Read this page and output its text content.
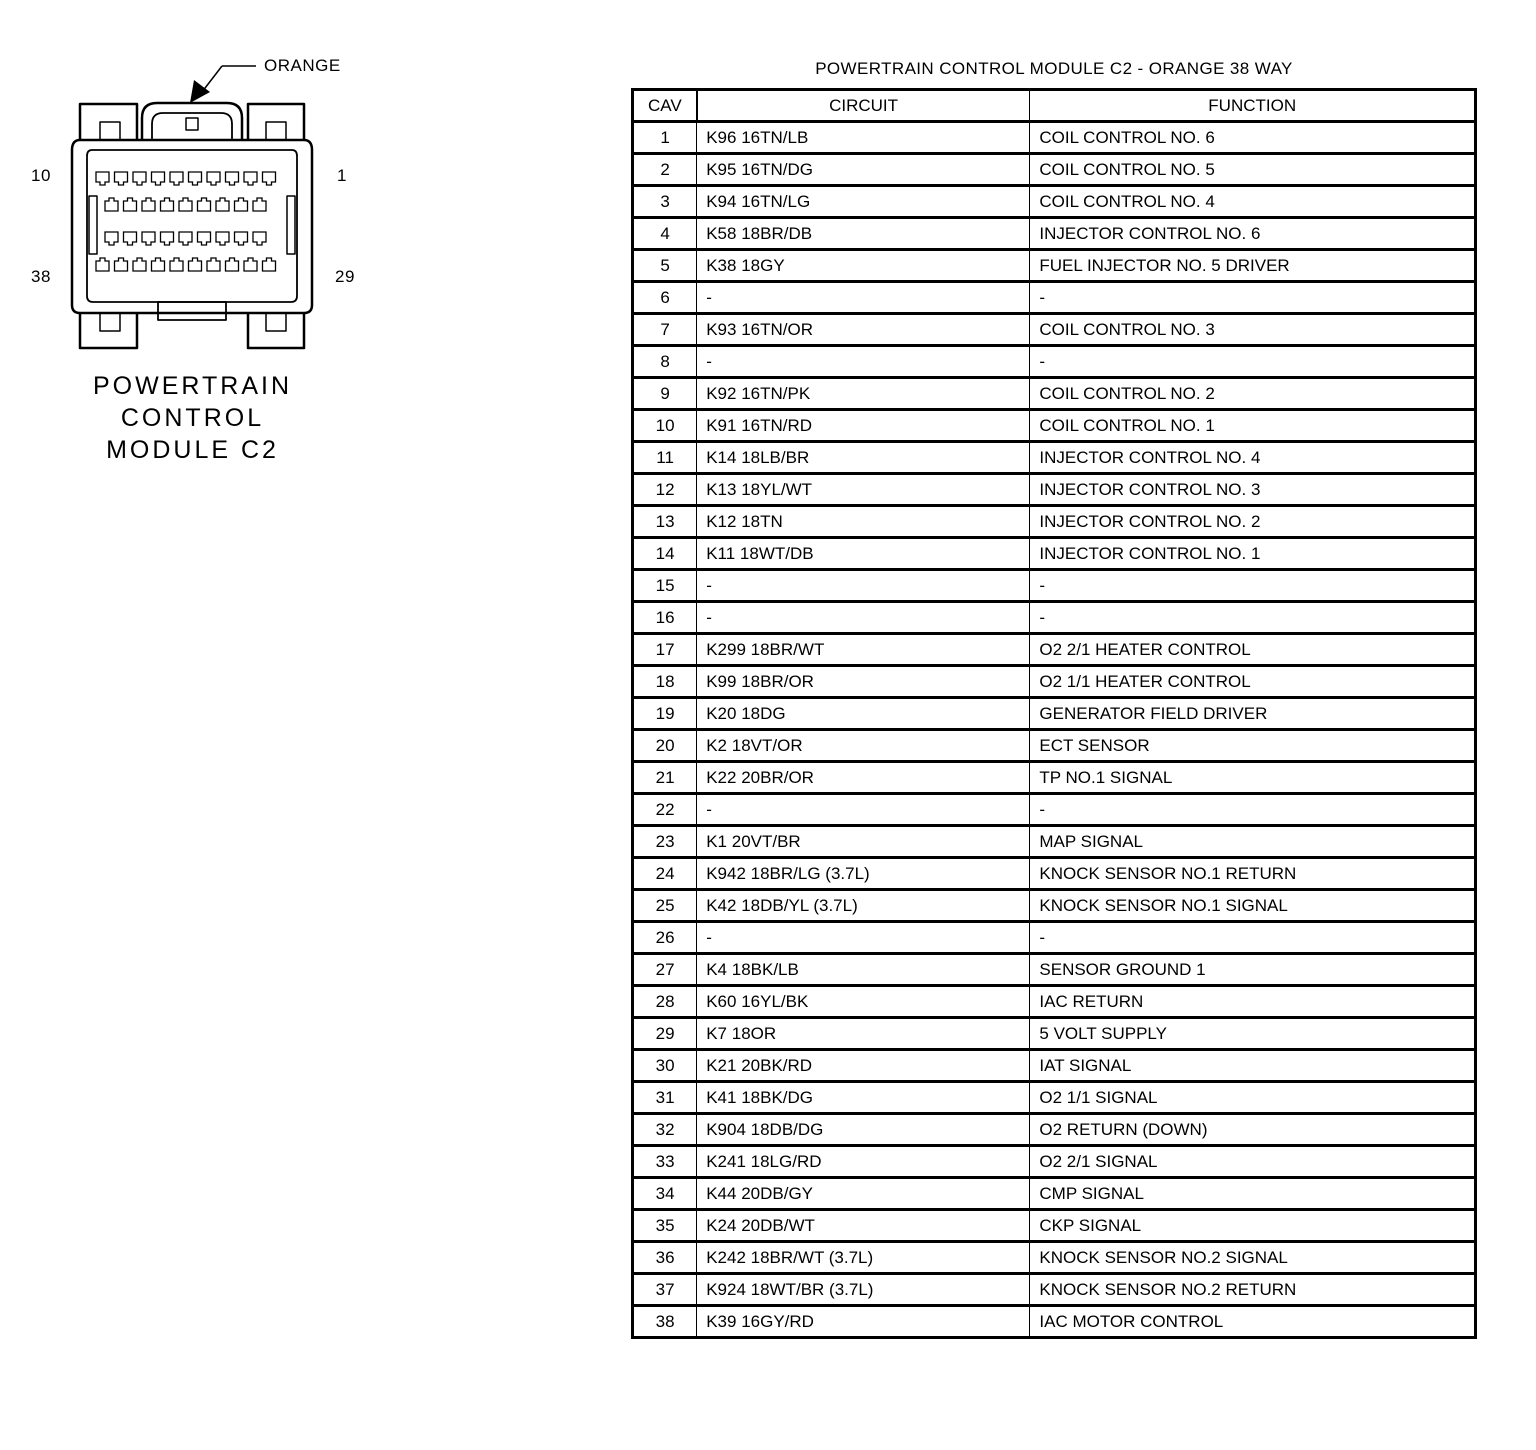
ORANGE
10	1
38	29
POWERTRAIN
CONTROL
MODULE C2
POWERTRAIN CONTROL MODULE C2 - ORANGE 38 WAY
CAV	CIRCUIT	FUNCTION
1	K96 16TN/LB	COIL CONTROL NO. 6
2	K95 16TN/DG	COIL CONTROL NO. 5
3	K94 16TN/LG	COIL CONTROL NO. 4
4	K58 18BR/DB	INJECTOR CONTROL NO. 6
5	K38 18GY	FUEL INJECTOR NO. 5 DRIVER
6	-	-
7	K93 16TN/OR	COIL CONTROL NO. 3
8	-	-
9	K92 16TN/PK	COIL CONTROL NO. 2
10	K91 16TN/RD	COIL CONTROL NO. 1
11	K14 18LB/BR	INJECTOR CONTROL NO. 4
12	K13 18YL/WT	INJECTOR CONTROL NO. 3
13	K12 18TN	INJECTOR CONTROL NO. 2
14	K11 18WT/DB	INJECTOR CONTROL NO. 1
15	-	-
16	-	-
17	K299 18BR/WT	O2 2/1 HEATER CONTROL
18	K99 18BR/OR	O2 1/1 HEATER CONTROL
19	K20 18DG	GENERATOR FIELD DRIVER
20	K2 18VT/OR	ECT SENSOR
21	K22 20BR/OR	TP NO.1 SIGNAL
22	-	-
23	K1 20VT/BR	MAP SIGNAL
24	K942 18BR/LG (3.7L)	KNOCK SENSOR NO.1 RETURN
25	K42 18DB/YL (3.7L)	KNOCK SENSOR NO.1 SIGNAL
26	-	-
27	K4 18BK/LB	SENSOR GROUND 1
28	K60 16YL/BK	IAC RETURN
29	K7 18OR	5 VOLT SUPPLY
30	K21 20BK/RD	IAT SIGNAL
31	K41 18BK/DG	O2 1/1 SIGNAL
32	K904 18DB/DG	O2 RETURN (DOWN)
33	K241 18LG/RD	O2 2/1 SIGNAL
34	K44 20DB/GY	CMP SIGNAL
35	K24 20DB/WT	CKP SIGNAL
36	K242 18BR/WT (3.7L)	KNOCK SENSOR NO.2 SIGNAL
37	K924 18WT/BR (3.7L)	KNOCK SENSOR NO.2 RETURN
38	K39 16GY/RD	IAC MOTOR CONTROL
